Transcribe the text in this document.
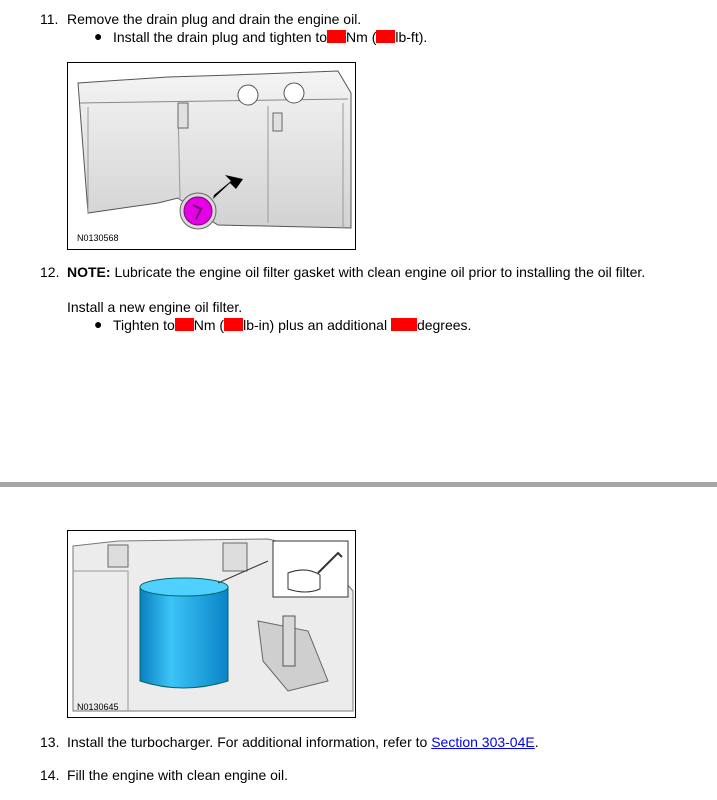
11. Remove the drain plug and drain the engine oil.
● Install the drain plug and tighten to Nm ( lb-ft).
N0130568
12. NOTE: Lubricate the engine oil filter gasket with clean engine oil prior to installing the oil filter.
Install a new engine oil filter.
● Tighten to Nm ( lb-in) plus an additional degrees.
N0130645
13. Install the turbocharger. For additional information, refer to Section 303-04E.
14. Fill the engine with clean engine oil.
